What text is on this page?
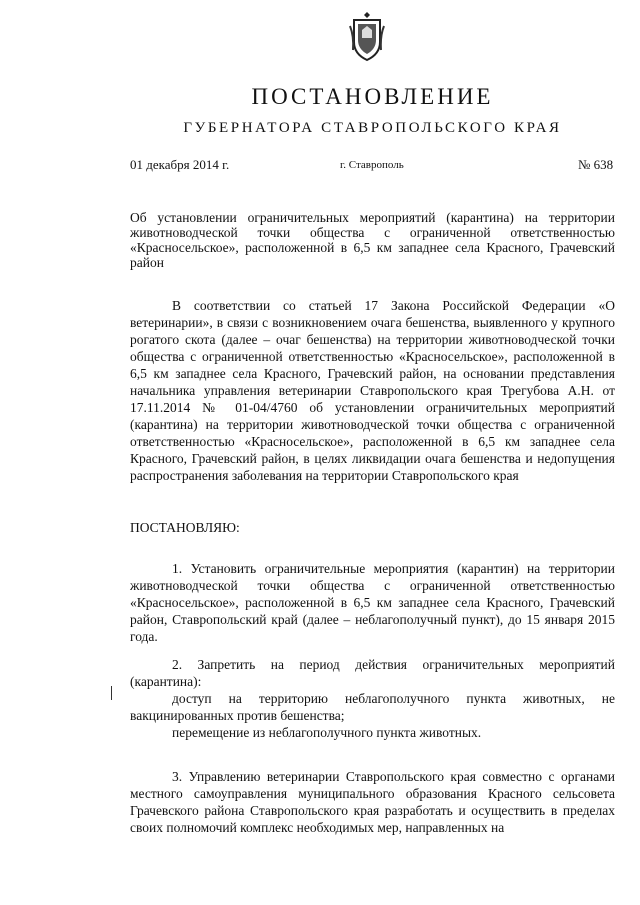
ПОСТАНОВЛЕНИЕ
ГУБЕРНАТОРА СТАВРОПОЛЬСКОГО КРАЯ
01 декабря 2014 г.	г. Ставрополь	№ 638
Об установлении ограничительных мероприятий (карантина) на территории животноводческой точки общества с ограниченной ответственностью «Красносельское», расположенной в 6,5 км западнее села Красного, Грачевский район
В соответствии со статьей 17 Закона Российской Федерации «О ветеринарии», в связи с возникновением очага бешенства, выявленного у крупного рогатого скота (далее – очаг бешенства) на территории животноводческой точки общества с ограниченной ответственностью «Красносельское», расположенной в 6,5 км западнее села Красного, Грачевский район, на основании представления начальника управления ветеринарии Ставропольского края Трегубова А.Н. от 17.11.2014 № 01-04/4760 об установлении ограничительных мероприятий (карантина) на территории животноводческой точки общества с ограниченной ответственностью «Красносельское», расположенной в 6,5 км западнее села Красного, Грачевский район, в целях ликвидации очага бешенства и недопущения распространения заболевания на территории Ставропольского края
ПОСТАНОВЛЯЮ:
1. Установить ограничительные мероприятия (карантин) на территории животноводческой точки общества с ограниченной ответственностью «Красносельское», расположенной в 6,5 км западнее села Красного, Грачевский район, Ставропольский край (далее – неблагополучный пункт), до 15 января 2015 года.
2. Запретить на период действия ограничительных мероприятий (карантина):
доступ на территорию неблагополучного пункта животных, не вакцинированных против бешенства;
перемещение из неблагополучного пункта животных.
3. Управлению ветеринарии Ставропольского края совместно с органами местного самоуправления муниципального образования Красного сельсовета Грачевского района Ставропольского края разработать и осуществить в пределах своих полномочий комплекс необходимых мер, направленных на
